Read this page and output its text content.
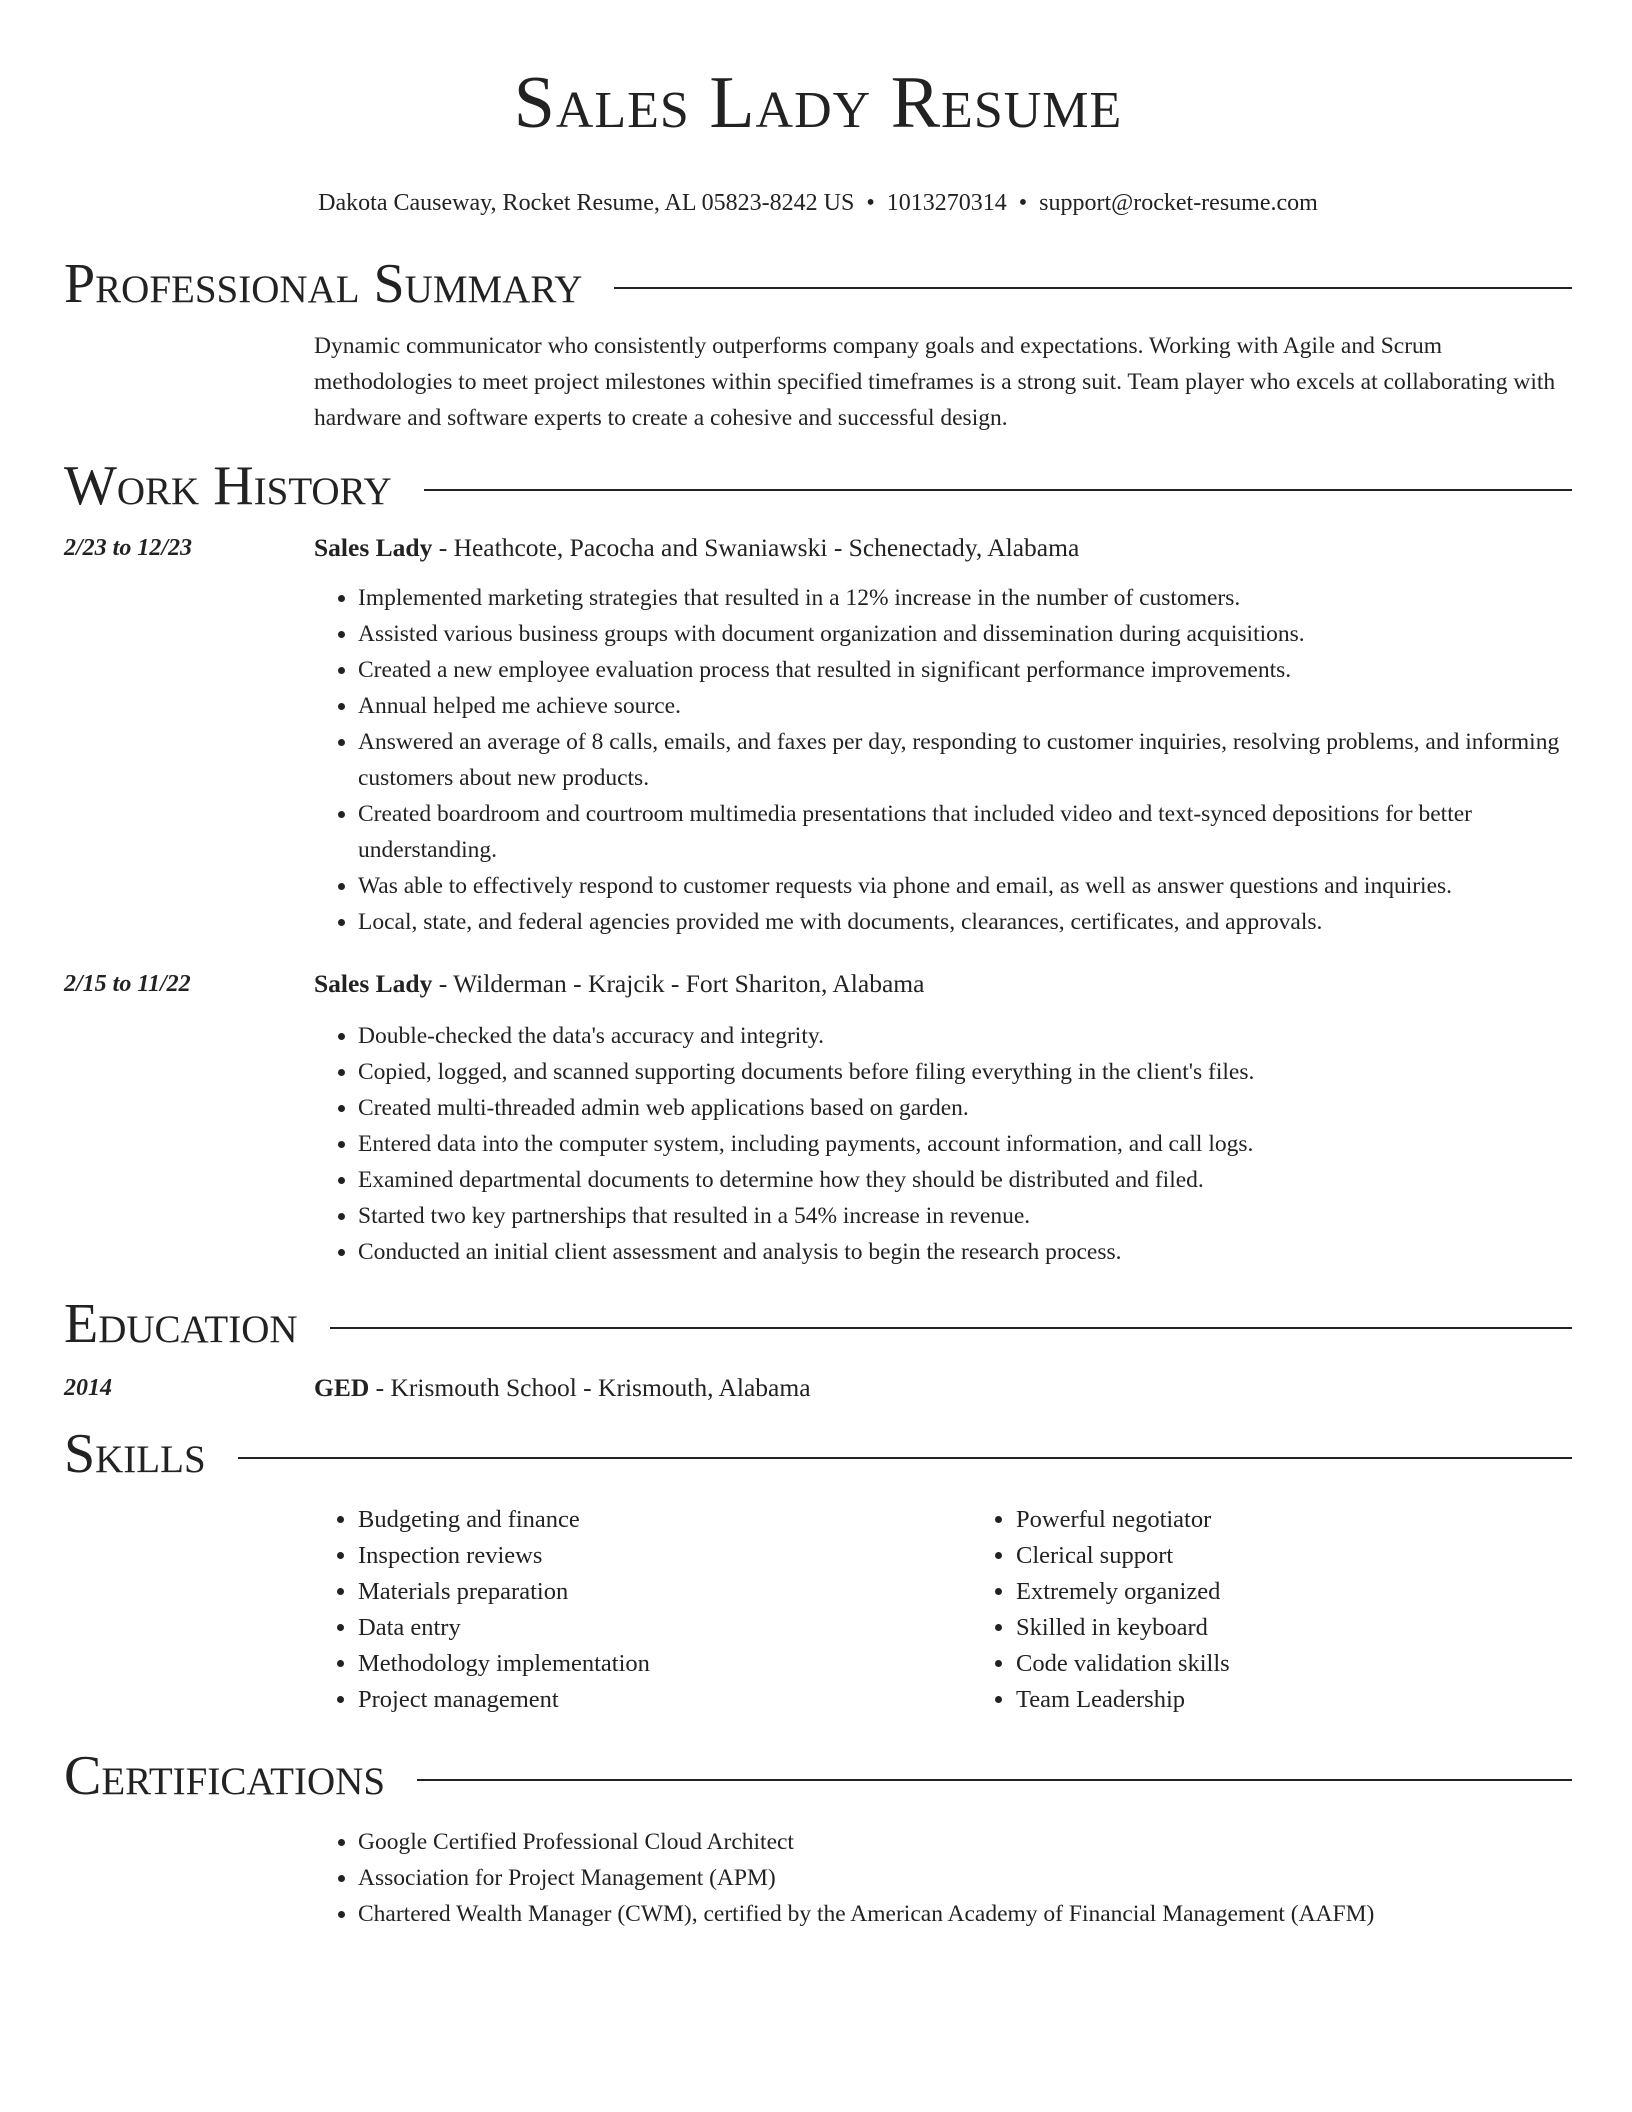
Sales Lady Resume
Dakota Causeway, Rocket Resume, AL 05823-8242 US • 1013270314 • support@rocket-resume.com
Professional Summary
Dynamic communicator who consistently outperforms company goals and expectations. Working with Agile and Scrum methodologies to meet project milestones within specified timeframes is a strong suit. Team player who excels at collaborating with hardware and software experts to create a cohesive and successful design.
Work History
2/23 to 12/23	Sales Lady - Heathcote, Pacocha and Swaniawski - Schenectady, Alabama
• Implemented marketing strategies that resulted in a 12% increase in the number of customers.
• Assisted various business groups with document organization and dissemination during acquisitions.
• Created a new employee evaluation process that resulted in significant performance improvements.
• Annual helped me achieve source.
• Answered an average of 8 calls, emails, and faxes per day, responding to customer inquiries, resolving problems, and informing customers about new products.
• Created boardroom and courtroom multimedia presentations that included video and text-synced depositions for better understanding.
• Was able to effectively respond to customer requests via phone and email, as well as answer questions and inquiries.
• Local, state, and federal agencies provided me with documents, clearances, certificates, and approvals.
2/15 to 11/22	Sales Lady - Wilderman - Krajcik - Fort Shariton, Alabama
• Double-checked the data's accuracy and integrity.
• Copied, logged, and scanned supporting documents before filing everything in the client's files.
• Created multi-threaded admin web applications based on garden.
• Entered data into the computer system, including payments, account information, and call logs.
• Examined departmental documents to determine how they should be distributed and filed.
• Started two key partnerships that resulted in a 54% increase in revenue.
• Conducted an initial client assessment and analysis to begin the research process.
Education
2014	GED - Krismouth School - Krismouth, Alabama
Skills
• Budgeting and finance
• Inspection reviews
• Materials preparation
• Data entry
• Methodology implementation
• Project management
• Powerful negotiator
• Clerical support
• Extremely organized
• Skilled in keyboard
• Code validation skills
• Team Leadership
Certifications
• Google Certified Professional Cloud Architect
• Association for Project Management (APM)
• Chartered Wealth Manager (CWM), certified by the American Academy of Financial Management (AAFM)
